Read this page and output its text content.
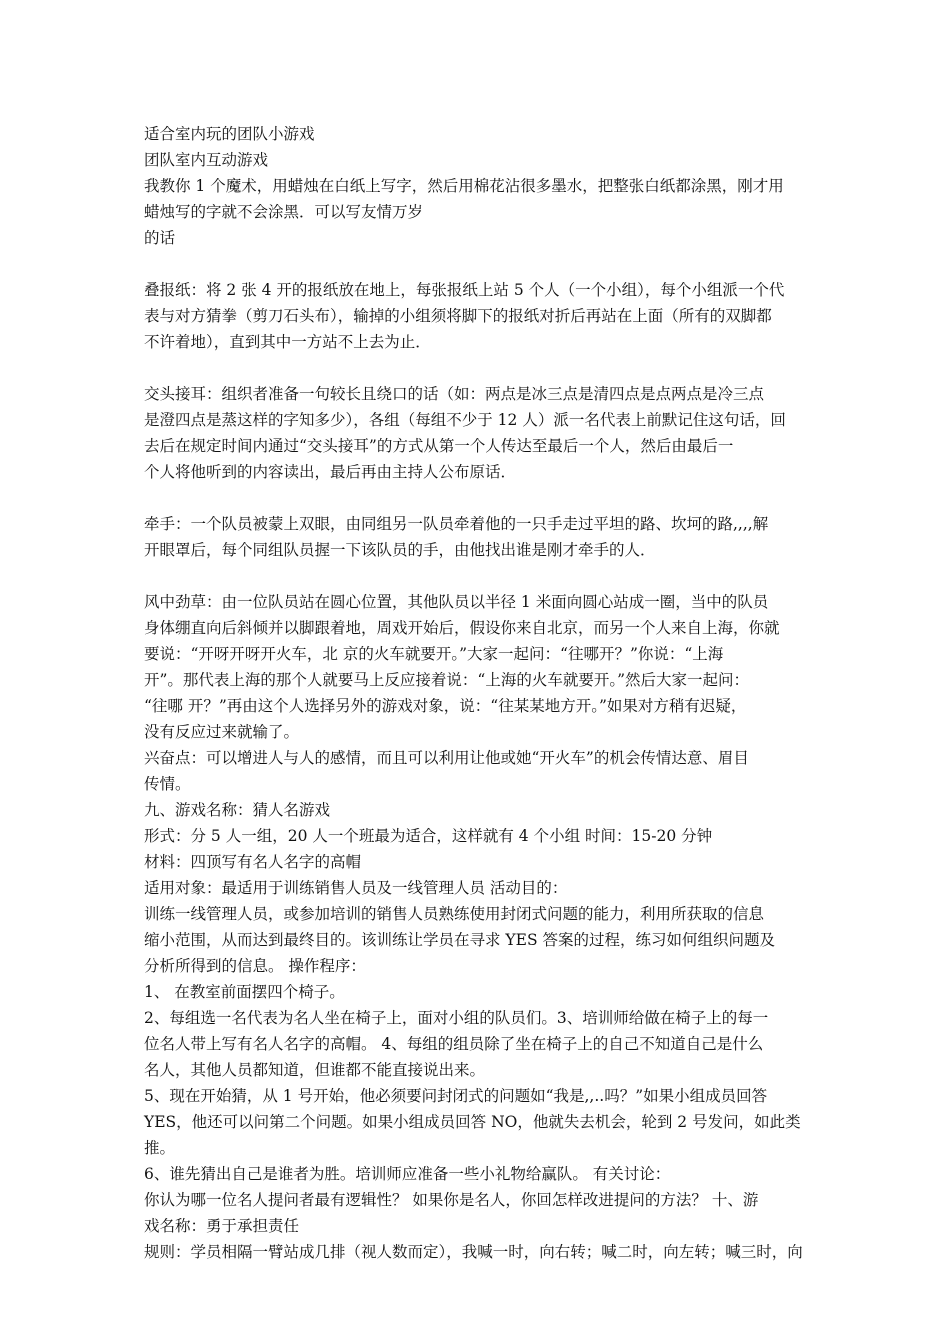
适合室内玩的团队小游戏
团队室内互动游戏
我教你 1 个魔术，用蜡烛在白纸上写字，然后用棉花沾很多墨水，把整张白纸都涂黑，刚才用
蜡烛写的字就不会涂黑．可以写友情万岁
的话
叠报纸：将 2 张 4 开的报纸放在地上，每张报纸上站 5 个人（一个小组），每个小组派一个代
表与对方猜拳（剪刀石头布），输掉的小组须将脚下的报纸对折后再站在上面（所有的双脚都
不许着地），直到其中一方站不上去为止．
交头接耳：组织者准备一句较长且绕口的话（如：两点是冰三点是清四点是点两点是冷三点
是澄四点是蒸这样的字知多少），各组（每组不少于 12 人）派一名代表上前默记住这句话，回
去后在规定时间内通过“交头接耳”的方式从第一个人传达至最后一个人，然后由最后一
个人将他听到的内容读出，最后再由主持人公布原话．
牵手：一个队员被蒙上双眼，由同组另一队员牵着他的一只手走过平坦的路、坎坷的路,,,,解
开眼罩后，每个同组队员握一下该队员的手，由他找出谁是刚才牵手的人．
风中劲草：由一位队员站在圆心位置，其他队员以半径 1 米面向圆心站成一圈，当中的队员
身体绷直向后斜倾并以脚跟着地，周戏开始后，假设你来自北京，而另一个人来自上海，你就
要说：“开呀开呀开火车，北 京的火车就要开。”大家一起问：“往哪开？”你说：“上海
开”。那代表上海的那个人就要马上反应接着说：“上海的火车就要开。”然后大家一起问：
“往哪 开？”再由这个人选择另外的游戏对象，说：“往某某地方开。”如果对方稍有迟疑，
没有反应过来就输了。
兴奋点：可以增进人与人的感情，而且可以利用让他或她“开火车”的机会传情达意、眉目
传情。
九、游戏名称：猜人名游戏
形式：分 5 人一组，20 人一个班最为适合，这样就有 4 个小组 时间：15-20 分钟
材料：四顶写有名人名字的高帽
适用对象：最适用于训练销售人员及一线管理人员 活动目的：
训练一线管理人员，或参加培训的销售人员熟练使用封闭式问题的能力，利用所获取的信息
缩小范围，从而达到最终目的。该训练让学员在寻求 YES 答案的过程，练习如何组织问题及
分析所得到的信息。 操作程序：
1、 在教室前面摆四个椅子。
2、每组选一名代表为名人坐在椅子上，面对小组的队员们。3、培训师给做在椅子上的每一
位名人带上写有名人名字的高帽。 4、每组的组员除了坐在椅子上的自己不知道自己是什么
名人，其他人员都知道，但谁都不能直接说出来。
5、现在开始猜，从 1 号开始，他必须要问封闭式的问题如“我是,,..吗？”如果小组成员回答
YES，他还可以问第二个问题。如果小组成员回答 NO，他就失去机会，轮到 2 号发问，如此类
推。
6、谁先猜出自己是谁者为胜。培训师应准备一些小礼物给赢队。 有关讨论：
你认为哪一位名人提问者最有逻辑性？ 如果你是名人，你回怎样改进提问的方法？ 十、游
戏名称：勇于承担责任
规则：学员相隔一臂站成几排（视人数而定），我喊一时，向右转；喊二时，向左转；喊三时，向
